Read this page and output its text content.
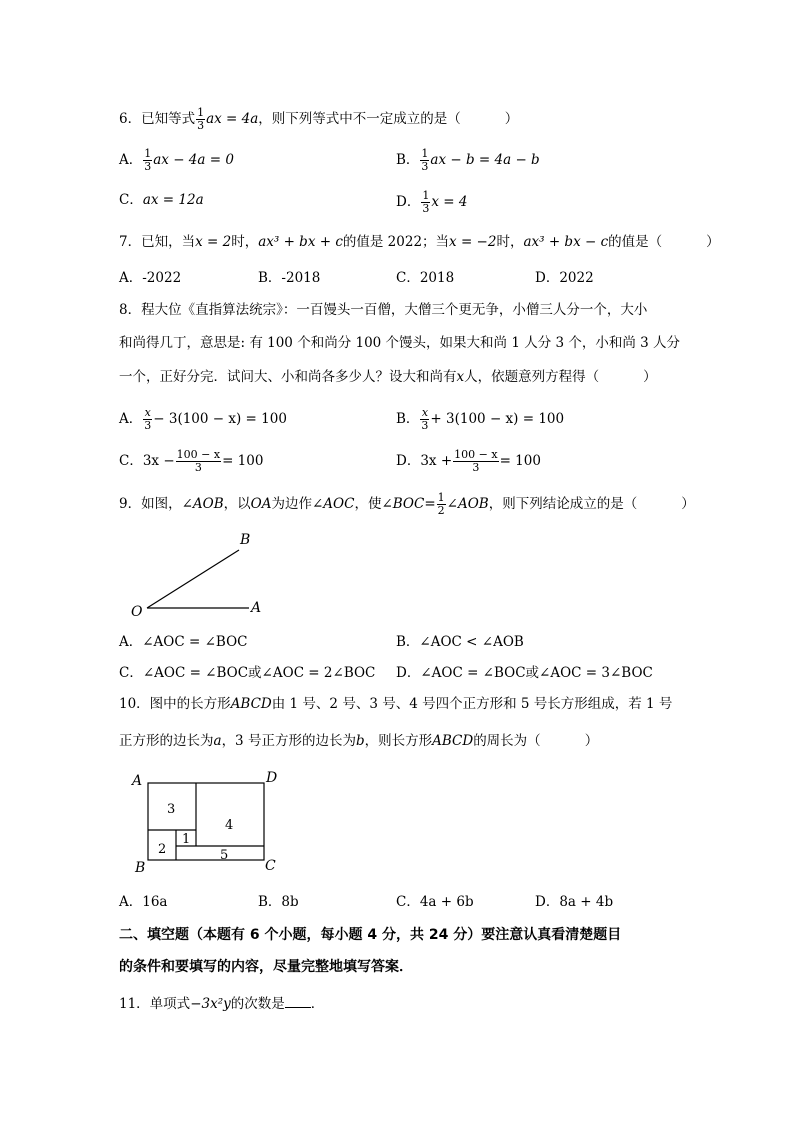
6．已知等式 $\frac{1}{3}$ ax = 4a，则下列等式中不一定成立的是（	）
A． $\frac{1}{3}$ ax − 4a = 0	B． $\frac{1}{3}$ ax − b = 4a − b
C．ax = 12a	D． $\frac{1}{3}$ x = 4
7．已知，当x = 2时，ax³ + bx + c的值是 2022；当x = −2时，ax³ + bx − c的值是（	）
A．-2022	B．-2018	C．2018	D．2022
8．程大位《直指算法统宗》：一百馒头一百僧，大僧三个更无争，小僧三人分一个，大小
和尚得几丁，意思是: 有 100 个和尚分 100 个馒头，如果大和尚 1 人分 3 个，小和尚 3 人分
一个，正好分完．试问大、小和尚各多少人？设大和尚有x人，依题意列方程得（	）
A． $\frac{x}{3} - 3(100 - x) = 100$	B． $\frac{x}{3} + 3(100 - x) = 100$
C．$3x - \frac{100 - x}{3} = 100$	D．$3x + \frac{100 - x}{3} = 100$
9．如图，∠AOB，以OA为边作∠AOC，使∠BOC= $\frac{1}{2}$ ∠AOB，则下列结论成立的是（	）
B
O	A
A．∠AOC = ∠BOC	B．∠AOC < ∠AOB
C．∠AOC = ∠BOC或∠AOC = 2∠BOC D．∠AOC = ∠BOC或∠AOC = 3∠BOC
10．图中的长方形ABCD由 1 号、2 号、3 号、4 号四个正方形和 5 号长方形组成，若 1 号
正方形的边长为a，3 号正方形的边长为b，则长方形ABCD的周长为（	）
A	D
B	C
3
4
2
1
5
A．16a	B．8b	C．4a + 6b	D．8a + 4b
二、填空题（本题有 6 个小题，每小题 4 分，共 24 分）要注意认真看清楚题目
的条件和要填写的内容，尽量完整地填写答案．
11．单项式−3x²y的次数是 ．
